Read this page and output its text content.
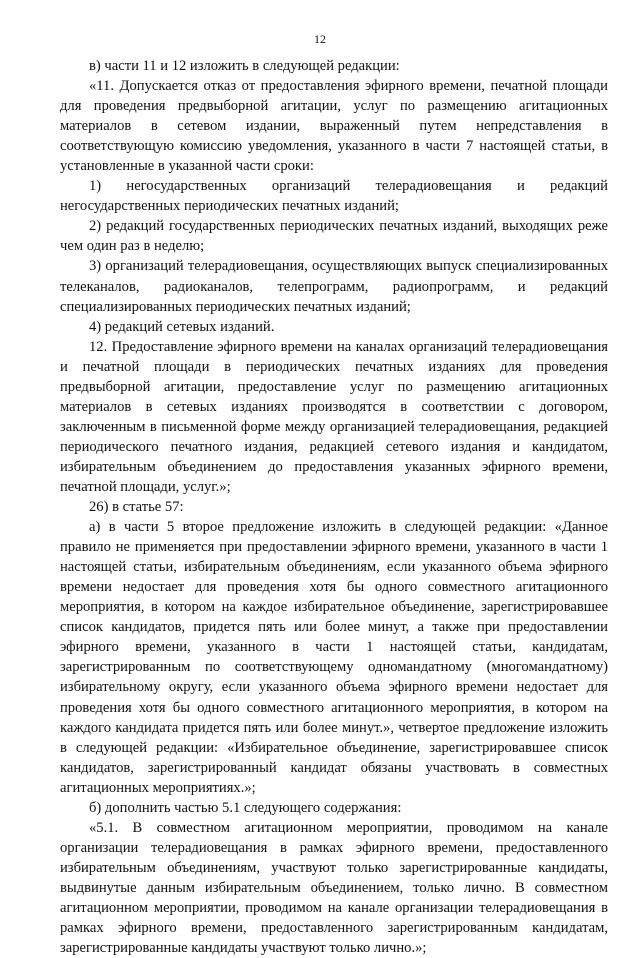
12

в) части 11 и 12 изложить в следующей редакции:

«11. Допускается отказ от предоставления эфирного времени, печатной площади для проведения предвыборной агитации, услуг по размещению агитационных материалов в сетевом издании, выраженный путем непредставления в соответствующую комиссию уведомления, указанного в части 7 настоящей статьи, в установленные в указанной части сроки:

1) негосударственных организаций телерадиовещания и редакций негосударственных периодических печатных изданий;

2) редакций государственных периодических печатных изданий, выходящих реже чем один раз в неделю;

3) организаций телерадиовещания, осуществляющих выпуск специализированных телеканалов, радиоканалов, телепрограмм, радиопрограмм, и редакций специализированных периодических печатных изданий;

4) редакций сетевых изданий.

12. Предоставление эфирного времени на каналах организаций телерадиовещания и печатной площади в периодических печатных изданиях для проведения предвыборной агитации, предоставление услуг по размещению агитационных материалов в сетевых изданиях производятся в соответствии с договором, заключенным в письменной форме между организацией телерадиовещания, редакцией периодического печатного издания, редакцией сетевого издания и кандидатом, избирательным объединением до предоставления указанных эфирного времени, печатной площади, услуг.»;

26) в статье 57:

а) в части 5 второе предложение изложить в следующей редакции: «Данное правило не применяется при предоставлении эфирного времени, указанного в части 1 настоящей статьи, избирательным объединениям, если указанного объема эфирного времени недостает для проведения хотя бы одного совместного агитационного мероприятия, в котором на каждое избирательное объединение, зарегистрировавшее список кандидатов, придется пять или более минут, а также при предоставлении эфирного времени, указанного в части 1 настоящей статьи, кандидатам, зарегистрированным по соответствующему одномандатному (многомандатному) избирательному округу, если указанного объема эфирного времени недостает для проведения хотя бы одного совместного агитационного мероприятия, в котором на каждого кандидата придется пять или более минут.», четвертое предложение изложить в следующей редакции: «Избирательное объединение, зарегистрировавшее список кандидатов, зарегистрированный кандидат обязаны участвовать в совместных агитационных мероприятиях.»;

б) дополнить частью 5.1 следующего содержания:

«5.1. В совместном агитационном мероприятии, проводимом на канале организации телерадиовещания в рамках эфирного времени, предоставленного избирательным объединениям, участвуют только зарегистрированные кандидаты, выдвинутые данным избирательным объединением, только лично. В совместном агитационном мероприятии, проводимом на канале организации телерадиовещания в рамках эфирного времени, предоставленного зарегистрированным кандидатам, зарегистрированные кандидаты участвуют только лично.»;
